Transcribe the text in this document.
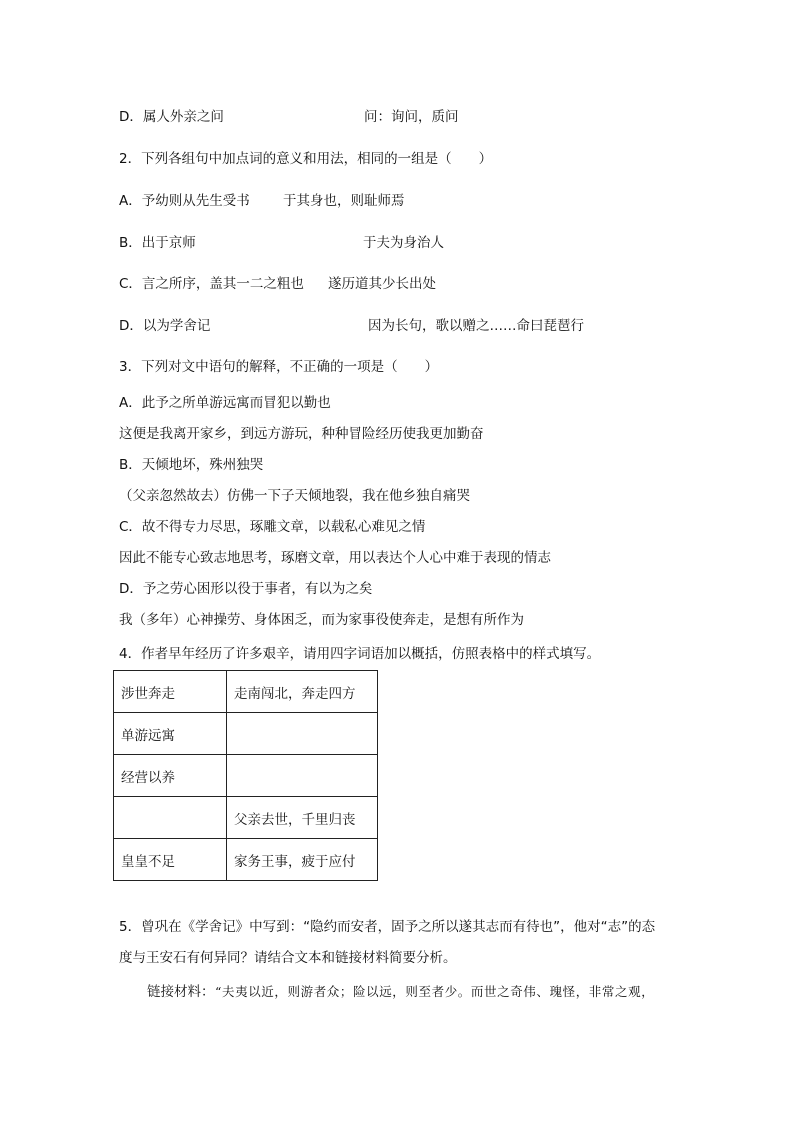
D．属人外亲之问	问：询问，质问
2．下列各组句中加点词的意义和用法，相同的一组是（　　）
A．予幼则从先生受书 于其身也，则耻师焉
B．出于京师	于夫为身治人
C．言之所序，盖其一二之粗也 遂历道其少长出处
D．以为学舍记	因为长句，歌以赠之……命曰琵琶行
3．下列对文中语句的解释，不正确的一项是（　　）
A．此予之所单游远寓而冒犯以勤也
这便是我离开家乡，到远方游玩，种种冒险经历使我更加勤奋
B．天倾地坏，殊州独哭
（父亲忽然故去）仿佛一下子天倾地裂，我在他乡独自痛哭
C．故不得专力尽思，琢雕文章，以载私心难见之情
因此不能专心致志地思考，琢磨文章，用以表达个人心中难于表现的情志
D．予之劳心困形以役于事者，有以为之矣
我（多年）心神操劳、身体困乏，而为家事役使奔走，是想有所作为
4．作者早年经历了许多艰辛，请用四字词语加以概括，仿照表格中的样式填写。
涉世奔走	走南闯北，奔走四方
单游远寓	
经营以养	
	父亲去世，千里归丧
皇皇不足	家务王事，疲于应付
5．曾巩在《学舍记》中写到：“隐约而安者，固予之所以遂其志而有待也”，他对“志”的态
度与王安石有何异同？请结合文本和链接材料简要分析。
链接材料： “夫夷以近，则游者众；险以远，则至者少。而世之奇伟、瑰怪，非常之观，
